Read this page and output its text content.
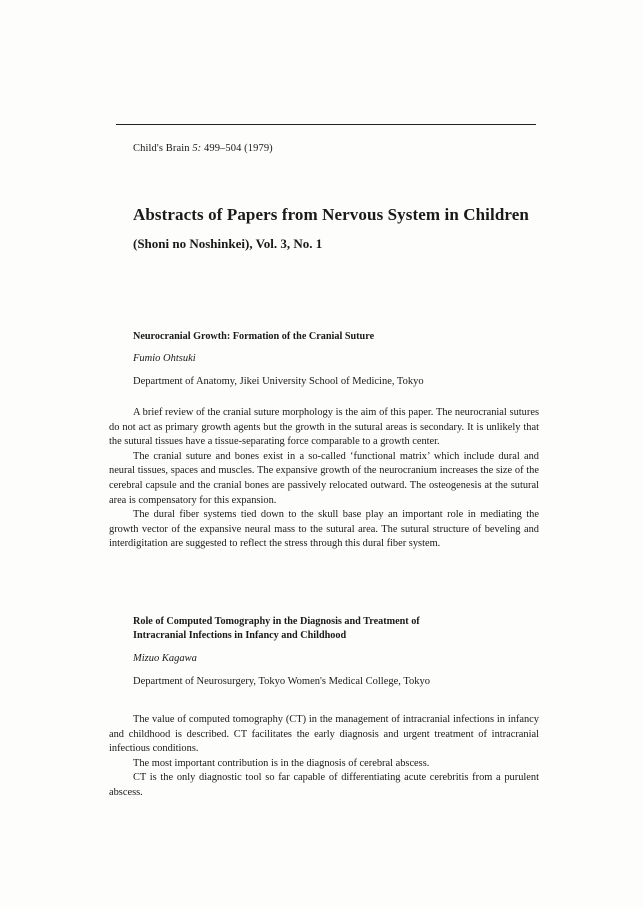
Child's Brain 5: 499–504 (1979)
Abstracts of Papers from Nervous System in Children
(Shoni no Noshinkei), Vol. 3, No. 1
Neurocranial Growth: Formation of the Cranial Suture
Fumio Ohtsuki
Department of Anatomy, Jikei University School of Medicine, Tokyo

A brief review of the cranial suture morphology is the aim of this paper. The neurocranial sutures do not act as primary growth agents but the growth in the sutural areas is secondary. It is unlikely that the sutural tissues have a tissue-separating force comparable to a growth center.

The cranial suture and bones exist in a so-called ‘functional matrix’ which include dural and neural tissues, spaces and muscles. The expansive growth of the neurocranium increases the size of the cerebral capsule and the cranial bones are passively relocated outward. The osteogenesis at the sutural area is compensatory for this expansion.

The dural fiber systems tied down to the skull base play an important role in mediating the growth vector of the expansive neural mass to the sutural area. The sutural structure of beveling and interdigitation are suggested to reflect the stress through this dural fiber system.

Role of Computed Tomography in the Diagnosis and Treatment of
Intracranial Infections in Infancy and Childhood
Mizuo Kagawa
Department of Neurosurgery, Tokyo Women's Medical College, Tokyo

The value of computed tomography (CT) in the management of intracranial infections in infancy and childhood is described. CT facilitates the early diagnosis and urgent treatment of intracranial infectious conditions.

The most important contribution is in the diagnosis of cerebral abscess.

CT is the only diagnostic tool so far capable of differentiating acute cerebritis from a purulent abscess.
